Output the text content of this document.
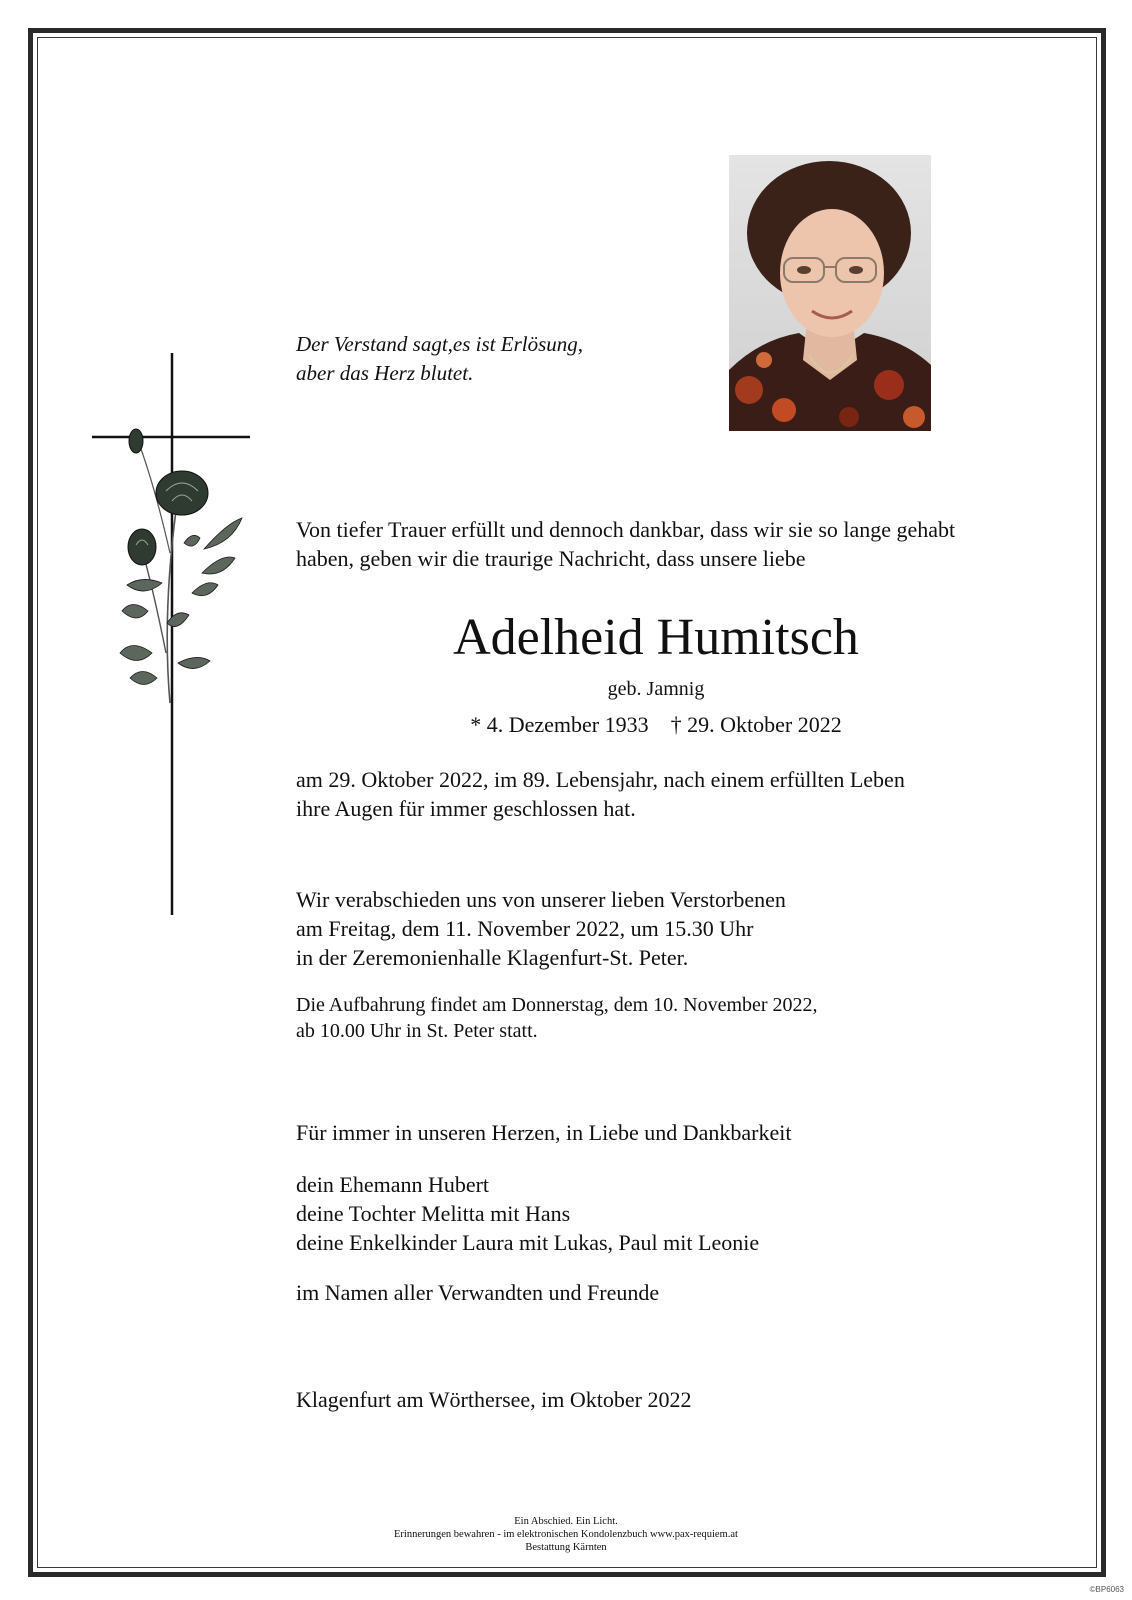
Der Verstand sagt,es ist Erlösung,
aber das Herz blutet.
Von tiefer Trauer erfüllt und dennoch dankbar, dass wir sie so lange gehabt
haben, geben wir die traurige Nachricht, dass unsere liebe
Adelheid Humitsch
geb. Jamnig
* 4. Dezember 1933    † 29. Oktober 2022
am 29. Oktober 2022, im 89. Lebensjahr, nach einem erfüllten Leben
ihre Augen für immer geschlossen hat.
Wir verabschieden uns von unserer lieben Verstorbenen
am Freitag, dem 11. November 2022, um 15.30 Uhr
in der Zeremonienhalle Klagenfurt-St. Peter.
Die Aufbahrung findet am Donnerstag, dem 10. November 2022,
ab 10.00 Uhr in St. Peter statt.
Für immer in unseren Herzen, in Liebe und Dankbarkeit
dein Ehemann Hubert
deine Tochter Melitta mit Hans
deine Enkelkinder Laura mit Lukas, Paul mit Leonie
im Namen aller Verwandten und Freunde
Klagenfurt am Wörthersee, im Oktober 2022
Ein Abschied. Ein Licht.
Erinnerungen bewahren - im elektronischen Kondolenzbuch www.pax-requiem.at
Bestattung Kärnten
©BP6063
